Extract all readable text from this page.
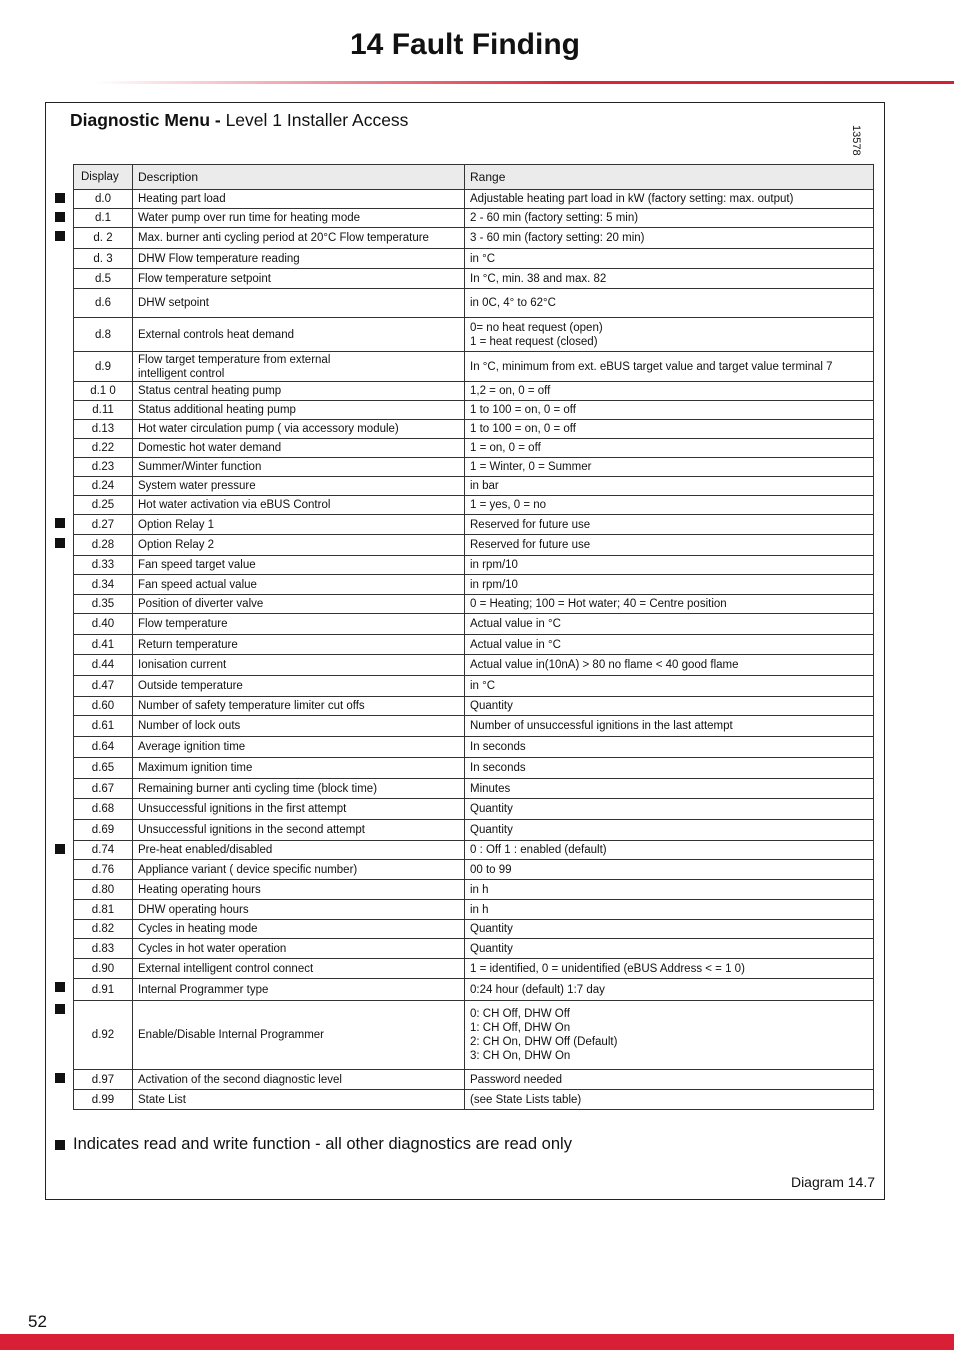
14 Fault Finding
Diagnostic Menu - Level 1 Installer Access
13578
Display	Description	Range
d.0	Heating part load	Adjustable heating part load in kW (factory setting: max. output)
d.1	Water pump over run time for heating mode	2 - 60 min (factory setting: 5 min)
d. 2	Max. burner anti cycling period at 20°C Flow temperature	3 - 60 min (factory setting: 20 min)
d. 3	DHW Flow temperature reading	in °C
d.5	Flow temperature setpoint	In °C, min. 38 and max. 82
d.6	DHW setpoint	in 0C, 4° to 62°C
d.8	External controls heat demand	0= no heat request (open)
1 = heat request (closed)
d.9	Flow target temperature from external
intelligent control	In °C, minimum from ext. eBUS target value and target value terminal 7
d.1 0	Status central heating pump	1,2 = on, 0 = off
d.11	Status additional heating pump	1 to 100 = on, 0 = off
d.13	Hot water circulation pump ( via accessory module)	1 to 100 = on, 0 = off
d.22	Domestic hot water demand	1 = on, 0 = off
d.23	Summer/Winter function	1 = Winter, 0 = Summer
d.24	System water pressure	in bar
d.25	Hot water activation via eBUS Control	1 = yes, 0 = no
d.27	Option Relay 1	Reserved for future use
d.28	Option Relay 2	Reserved for future use
d.33	Fan speed target value	in rpm/10
d.34	Fan speed actual value	in rpm/10
d.35	Position of diverter valve	0 = Heating; 100 = Hot water; 40 = Centre position
d.40	Flow temperature	Actual value in °C
d.41	Return temperature	Actual value in °C
d.44	Ionisation current	Actual value in(10nA) > 80 no flame < 40 good flame
d.47	Outside temperature	in °C
d.60	Number of safety temperature limiter cut offs	Quantity
d.61	Number of lock outs	Number of unsuccessful ignitions in the last attempt
d.64	Average ignition time	In seconds
d.65	Maximum ignition time	In seconds
d.67	Remaining burner anti cycling time (block time)	Minutes
d.68	Unsuccessful ignitions in the first attempt	Quantity
d.69	Unsuccessful ignitions in the second attempt	Quantity
d.74	Pre-heat enabled/disabled	0 : Off 1 : enabled (default)
d.76	Appliance variant ( device specific number)	00 to 99
d.80	Heating operating hours	in h
d.81	DHW operating hours	in h
d.82	Cycles in heating mode	Quantity
d.83	Cycles in hot water operation	Quantity
d.90	External intelligent control connect	1 = identified, 0 = unidentified (eBUS Address < = 1 0)
d.91	Internal Programmer type	0:24 hour (default) 1:7 day
d.92	Enable/Disable Internal Programmer	0: CH Off, DHW Off
1: CH Off, DHW On
2: CH On, DHW Off (Default)
3: CH On, DHW On
d.97	Activation of the second diagnostic level	Password needed
d.99	State List	(see State Lists table)
Indicates read and write function - all other diagnostics are read only
Diagram 14.7
52
